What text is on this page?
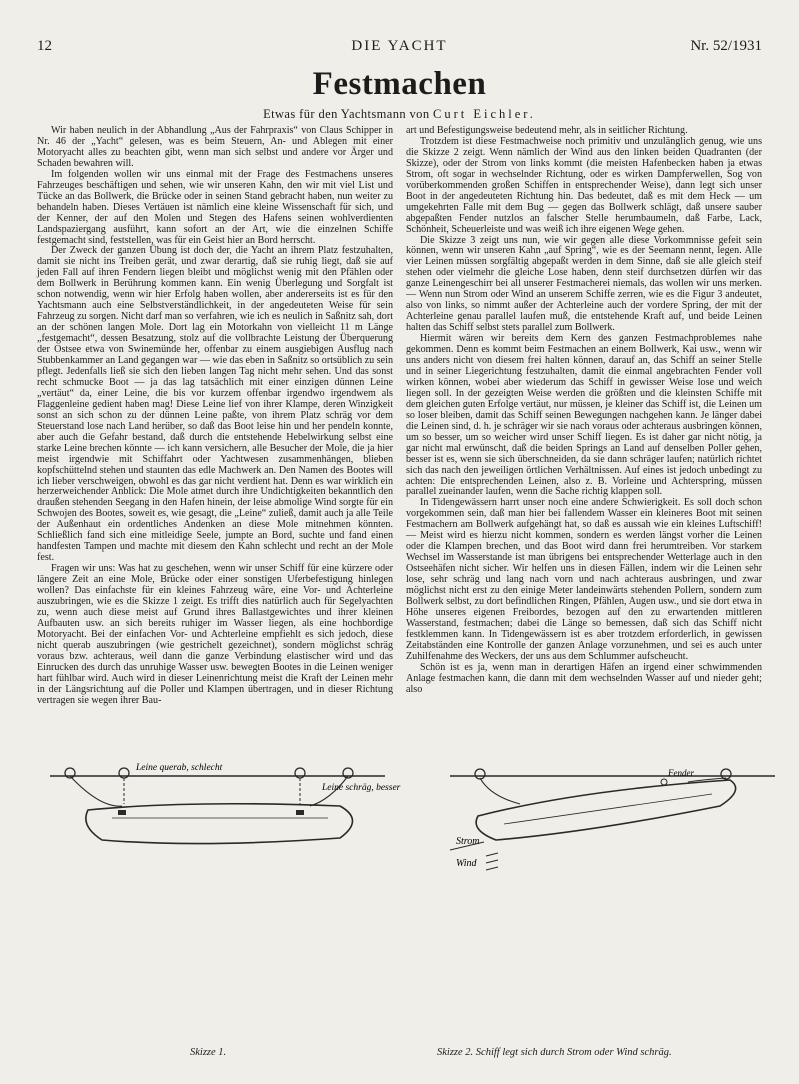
12	DIE YACHT	Nr. 52/1931
Festmachen
Etwas für den Yachtsmann von Curt Eichler.

Wir haben neulich in der Abhandlung „Aus der Fahrpraxis“ von Claus Schipper in Nr. 46 der „Yacht“ gelesen, was es beim Steuern, An- und Ablegen mit einer Motoryacht alles zu beachten gibt, wenn man sich selbst und andere vor Ärger und Schaden bewahren will.

Im folgenden wollen wir uns einmal mit der Frage des Festmachens unseres Fahrzeuges beschäftigen und sehen, wie wir unseren Kahn, den wir mit viel List und Tücke an das Bollwerk, die Brücke oder in seinen Stand gebracht haben, nun weiter zu behandeln haben. Dieses Vertäuen ist nämlich eine kleine Wissenschaft für sich, und der Kenner, der auf den Molen und Stegen des Hafens seinen wohlverdienten Landspaziergang ausführt, kann sofort an der Art, wie die einzelnen Schiffe festgemacht sind, feststellen, was für ein Geist hier an Bord herrscht.

Der Zweck der ganzen Übung ist doch der, die Yacht an ihrem Platz festzuhalten, damit sie nicht ins Treiben gerät, und zwar derartig, daß sie ruhig liegt, daß sie auf jeden Fall auf ihren Fendern liegen bleibt und möglichst wenig mit den Pfählen oder dem Bollwerk in Berührung kommen kann. Ein wenig Überlegung und Sorgfalt ist schon notwendig, wenn wir hier Erfolg haben wollen, aber andererseits ist es für den Yachtsmann auch eine Selbstverständlichkeit, in der angedeuteten Weise für sein Fahrzeug zu sorgen. Nicht darf man so verfahren, wie ich es neulich in Saßnitz sah, dort an der schönen langen Mole. Dort lag ein Motorkahn von vielleicht 11 m Länge „festgemacht“, dessen Besatzung, stolz auf die vollbrachte Leistung der Überquerung der Ostsee etwa von Swinemünde her, offenbar zu einem ausgiebigen Ausflug nach Stubbenkammer an Land gegangen war — wie das eben in Saßnitz so ortsüblich zu sein pflegt. Jedenfalls ließ sie sich den lieben langen Tag nicht mehr sehen. Und das sonst recht schmucke Boot — ja das lag tatsächlich mit einer einzigen dünnen Leine „vertäut“ da, einer Leine, die bis vor kurzem offenbar irgendwo irgendwem als Flaggenleine gedient haben mag! Diese Leine lief von ihrer Klampe, deren Winzigkeit sonst an sich schon zu der dünnen Leine paßte, von ihrem Platz schräg vor dem Steuerstand lose nach Land herüber, so daß das Boot leise hin und her pendeln konnte, aber auch die Gefahr bestand, daß durch die entstehende Hebelwirkung selbst eine starke Leine brechen könnte — ich kann versichern, alle Besucher der Mole, die ja hier meist irgendwie mit Schiffahrt oder Yachtwesen zusammenhängen, blieben kopfschüttelnd stehen und staunten das edle Machwerk an. Den Namen des Bootes will ich lieber verschweigen, obwohl es das gar nicht verdient hat. Denn es war wirklich ein herzerweichender Anblick: Die Mole atmet durch ihre Undichtigkeiten bekanntlich den draußen stehenden Seegang in den Hafen hinein, der leise abmolige Wind sorgte für ein Schwojen des Bootes, soweit es, wie gesagt, die „Leine“ zuließ, damit auch ja alle Teile der Außenhaut ein ordentliches Andenken an diese Mole mitnehmen könnten. Schließlich fand sich eine mitleidige Seele, jumpte an Bord, suchte und fand einen handfesten Tampen und machte mit diesem den Kahn schlecht und recht an der Mole fest.

Fragen wir uns: Was hat zu geschehen, wenn wir unser Schiff für eine kürzere oder längere Zeit an eine Mole, Brücke oder einer sonstigen Uferbefestigung hinlegen wollen? Das einfachste für ein kleines Fahrzeug wäre, eine Vor- und Achterleine auszubringen, wie es die Skizze 1 zeigt. Es trifft dies natürlich auch für Segelyachten zu, wenn auch diese meist auf Grund ihres Ballastgewichtes und ihrer kleinen Aufbauten usw. an sich bereits ruhiger im Wasser liegen, als eine hochbordige Motoryacht. Bei der einfachen Vor- und Achterleine empfiehlt es sich jedoch, diese nicht querab auszubringen (wie gestrichelt gezeichnet), sondern möglichst schräg voraus bzw. achteraus, weil dann die ganze Verbindung elastischer wird und das Einrucken des durch das unruhige Wasser usw. bewegten Bootes in die Leinen weniger hart fühlbar wird. Auch wird in dieser Leinenrichtung meist die Kraft der Leinen mehr in der Längsrichtung auf die Poller und Klampen übertragen, und in dieser Richtung vertragen sie wegen ihrer Bau-

art und Befestigungsweise bedeutend mehr, als in seitlicher Richtung.

Trotzdem ist diese Festmachweise noch primitiv und unzulänglich genug, wie uns die Skizze 2 zeigt. Wenn nämlich der Wind aus den linken beiden Quadranten (der Skizze), oder der Strom von links kommt (die meisten Hafenbecken haben ja etwas Strom, oft sogar in wechselnder Richtung, oder es wirken Dampferwellen, Sog von vorüberkommenden großen Schiffen in entsprechender Weise), dann legt sich unser Boot in der angedeuteten Richtung hin. Das bedeutet, daß es mit dem Heck — um umgekehrten Falle mit dem Bug — gegen das Bollwerk schlägt, daß unsere sauber abgepaßten Fender nutzlos an falscher Stelle herumbaumeln, daß Farbe, Lack, Schönheit, Scheuerleiste und was weiß ich ihre eigenen Wege gehen.

Die Skizze 3 zeigt uns nun, wie wir gegen alle diese Vorkommnisse gefeit sein können, wenn wir unseren Kahn „auf Spring“, wie es der Seemann nennt, legen. Alle vier Leinen müssen sorgfältig abgepaßt werden in dem Sinne, daß sie alle gleich steif stehen oder vielmehr die gleiche Lose haben, denn steif durchsetzen dürfen wir das ganze Leinengeschirr bei all unserer Festmacherei niemals, das wollen wir uns merken. — Wenn nun Strom oder Wind an unserem Schiffe zerren, wie es die Figur 3 andeutet, also von links, so nimmt außer der Achterleine auch der vordere Spring, der mit der Achterleine genau parallel laufen muß, die entstehende Kraft auf, und beide Leinen halten das Schiff selbst stets parallel zum Bollwerk.

Hiermit wären wir bereits dem Kern des ganzen Festmachproblemes nahe gekommen. Denn es kommt beim Festmachen an einem Bollwerk, Kai usw., wenn wir uns anders nicht von diesem frei halten können, darauf an, das Schiff an seiner Stelle und in seiner Liegerichtung festzuhalten, damit die einmal angebrachten Fender voll wirken können, wobei aber wiederum das Schiff in gewisser Weise lose und weich liegen soll. In der gezeigten Weise werden die größten und die kleinsten Schiffe mit dem gleichen guten Erfolge vertäut, nur müssen, je kleiner das Schiff ist, die Leinen um so loser bleiben, damit das Schiff seinen Bewegungen nachgehen kann. Je länger dabei die Leinen sind, d. h. je schräger wir sie nach voraus oder achteraus ausbringen können, um so besser, um so weicher wird unser Schiff liegen. Es ist daher gar nicht nötig, ja gar nicht mal erwünscht, daß die beiden Springs an Land auf denselben Poller gehen, besser ist es, wenn sie sich überschneiden, da sie dann schräger laufen; natürlich richtet sich das nach den jeweiligen örtlichen Verhältnissen. Auf eines ist jedoch unbedingt zu achten: Die entsprechenden Leinen, also z. B. Vorleine und Achterspring, müssen parallel zueinander laufen, wenn die Sache richtig klappen soll.

In Tidengewässern harrt unser noch eine andere Schwierigkeit. Es soll doch schon vorgekommen sein, daß man hier bei fallendem Wasser ein kleineres Boot mit seinen Festmachern am Bollwerk aufgehängt hat, so daß es aussah wie ein kleines Luftschiff! — Meist wird es hierzu nicht kommen, sondern es werden längst vorher die Leinen oder die Klampen brechen, und das Boot wird dann frei herumtreiben. Vor starkem Wechsel im Wasserstande ist man übrigens bei entsprechender Wetterlage auch in den Ostseehäfen nicht sicher. Wir helfen uns in diesen Fällen, indem wir die Leinen sehr lose, sehr schräg und lang nach vorn und nach achteraus ausbringen, und zwar möglichst nicht erst zu den einige Meter landeinwärts stehenden Pollern, sondern zum Bollwerk selbst, zu dort befindlichen Ringen, Pfählen, Augen usw., und sie dort etwa in Höhe unseres eigenen Freibordes, bezogen auf den zu erwartenden mittleren Wasserstand, festmachen; dabei die Länge so bemessen, daß sich das Schiff nicht festklemmen kann. In Tidengewässern ist es aber trotzdem erforderlich, in gewissen Zeitabständen eine Kontrolle der ganzen Anlage vorzunehmen, und sei es auch unter Zuhilfenahme des Weckers, der uns aus dem Schlummer aufscheucht.

Schön ist es ja, wenn man in derartigen Häfen an irgend einer schwimmenden Anlage festmachen kann, die dann mit dem wechselnden Wasser auf und nieder geht; also

Leine querab, schlecht
Leine schräg, besser
Skizze 1.
Fender
Strom
Wind
Skizze 2. Schiff legt sich durch Strom oder Wind schräg.
